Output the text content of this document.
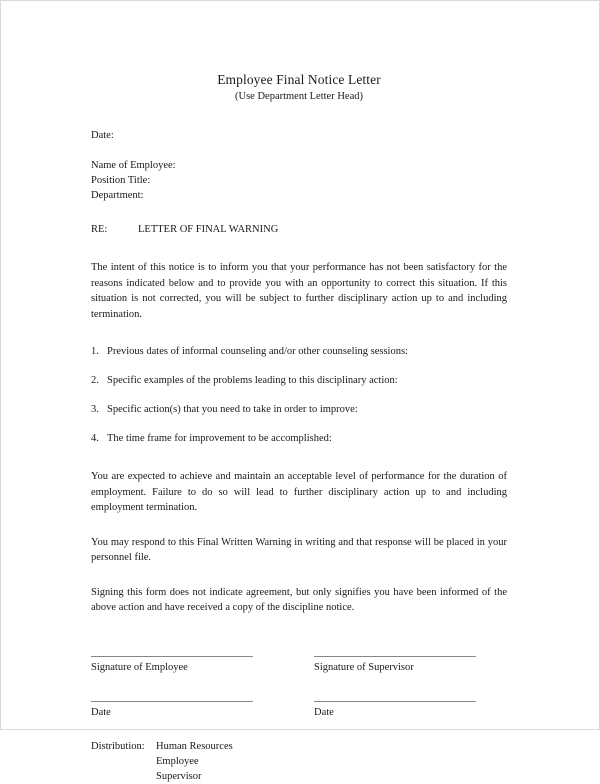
Employee Final Notice Letter
(Use Department Letter Head)
Date:
Name of Employee:
Position Title:
Department:
RE:	LETTER OF FINAL WARNING
The intent of this notice is to inform you that your performance has not been satisfactory for the reasons indicated below and to provide you with an opportunity to correct this situation. If this situation is not corrected, you will be subject to further disciplinary action up to and including termination.
1. Previous dates of informal counseling and/or other counseling sessions:
2. Specific examples of the problems leading to this disciplinary action:
3. Specific action(s) that you need to take in order to improve:
4. The time frame for improvement to be accomplished:
You are expected to achieve and maintain an acceptable level of performance for the duration of employment. Failure to do so will lead to further disciplinary action up to and including employment termination.
You may respond to this Final Written Warning in writing and that response will be placed in your personnel file.
Signing this form does not indicate agreement, but only signifies you have been informed of the above action and have received a copy of the discipline notice.
________________________________
Signature of Employee
________________________________
Signature of Supervisor
________________________________
Date
________________________________
Date
Distribution:	Human Resources
Employee
Supervisor
